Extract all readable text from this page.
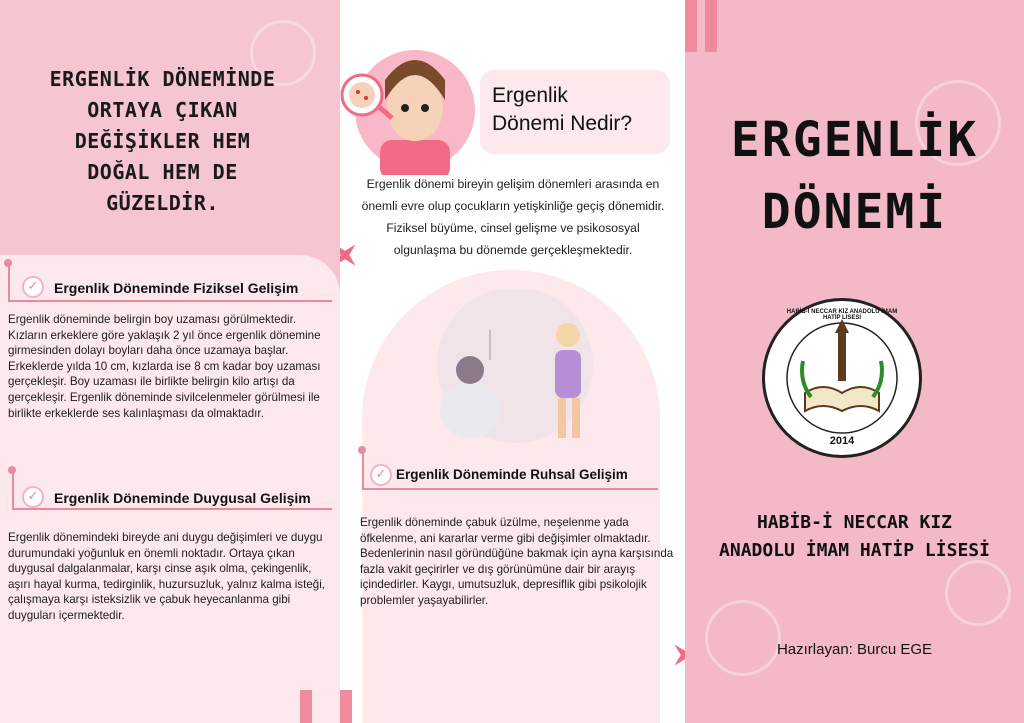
ERGENLİK DÖNEMİNDE ORTAYA ÇIKAN DEĞİŞİKLER HEM DOĞAL HEM DE GÜZELDİR.
✓	Ergenlik Döneminde Fiziksel Gelişim
Ergenlik döneminde belirgin boy uzaması görülmektedir. Kızların erkeklere göre yaklaşık 2 yıl önce ergenlik dönemine girmesinden dolayı boyları daha önce uzamaya başlar. Erkeklerde yılda 10 cm, kızlarda ise 8 cm kadar boy uzaması gerçekleşir. Boy uzaması ile birlikte belirgin kilo artışı da gerçekleşir. Ergenlik döneminde sivilcelenmeler görülmesi ile birlikte erkeklerde ses kalınlaşması da olmaktadır.
✓	Ergenlik Döneminde Duygusal Gelişim
Ergenlik dönemindeki bireyde ani duygu değişimleri ve duygu durumundaki yoğunluk en önemli noktadır. Ortaya çıkan duygusal dalgalanmalar, karşı cinse aşık olma, çekingenlik, aşırı hayal kurma, tedirginlik, huzursuzluk, yalnız kalma isteği, çalışmaya karşı isteksizlik ve çabuk heyecanlanma gibi duyguları içermektedir.
Ergenlik
Dönemi Nedir?
Ergenlik dönemi bireyin gelişim dönemleri arasında en önemli evre olup çocukların yetişkinliğe geçiş dönemidir. Fiziksel büyüme, cinsel gelişme ve psikososyal olgunlaşma bu dönemde gerçekleşmektedir.
✓ Ergenlik Döneminde Ruhsal Gelişim
Ergenlik döneminde çabuk üzülme, neşelenme yada öfkelenme, ani kararlar verme gibi değişimler olmaktadır. Bedenlerinin nasıl göründüğüne bakmak için ayna karşısında fazla vakit geçirirler ve dış görünümüne dair bir arayış içindedirler. Kaygı, umutsuzluk, depresiflik gibi psikolojik problemler yaşayabilirler.
ERGENLİK
DÖNEMİ
HABİB-İ NECCAR KIZ ANADOLU İMAM HATİP LİSESİ
2014
HABİB-İ NECCAR KIZ
ANADOLU İMAM HATİP LİSESİ
Hazırlayan: Burcu EGE
